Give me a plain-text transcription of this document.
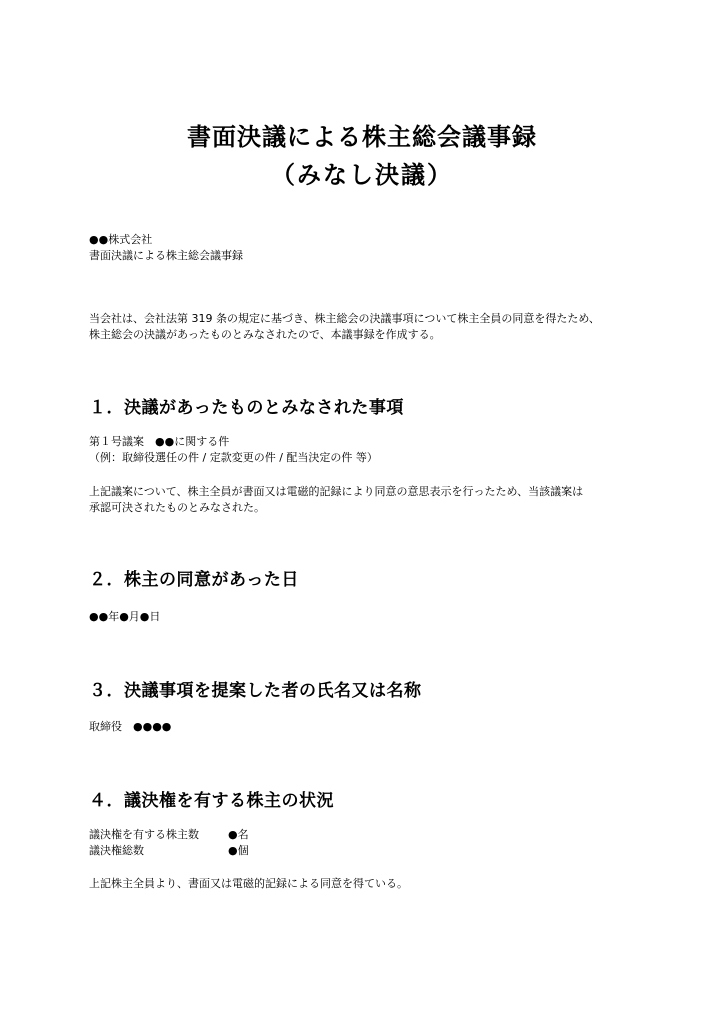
書面決議による株主総会議事録
（みなし決議）
●●株式会社
書面決議による株主総会議事録
当会社は、会社法第 319 条の規定に基づき、株主総会の決議事項について株主全員の同意を得たため、
株主総会の決議があったものとみなされたので、本議事録を作成する。
１．決議があったものとみなされた事項
第１号議案　●●に関する件
（例：取締役選任の件 / 定款変更の件 / 配当決定の件 等）
上記議案について、株主全員が書面又は電磁的記録により同意の意思表示を行ったため、当該議案は
承認可決されたものとみなされた。
２．株主の同意があった日
●●年●月●日
３．決議事項を提案した者の氏名又は名称
取締役　●●●●
４．議決権を有する株主の状況
議決権を有する株主数	●名
議決権総数	●個
上記株主全員より、書面又は電磁的記録による同意を得ている。
